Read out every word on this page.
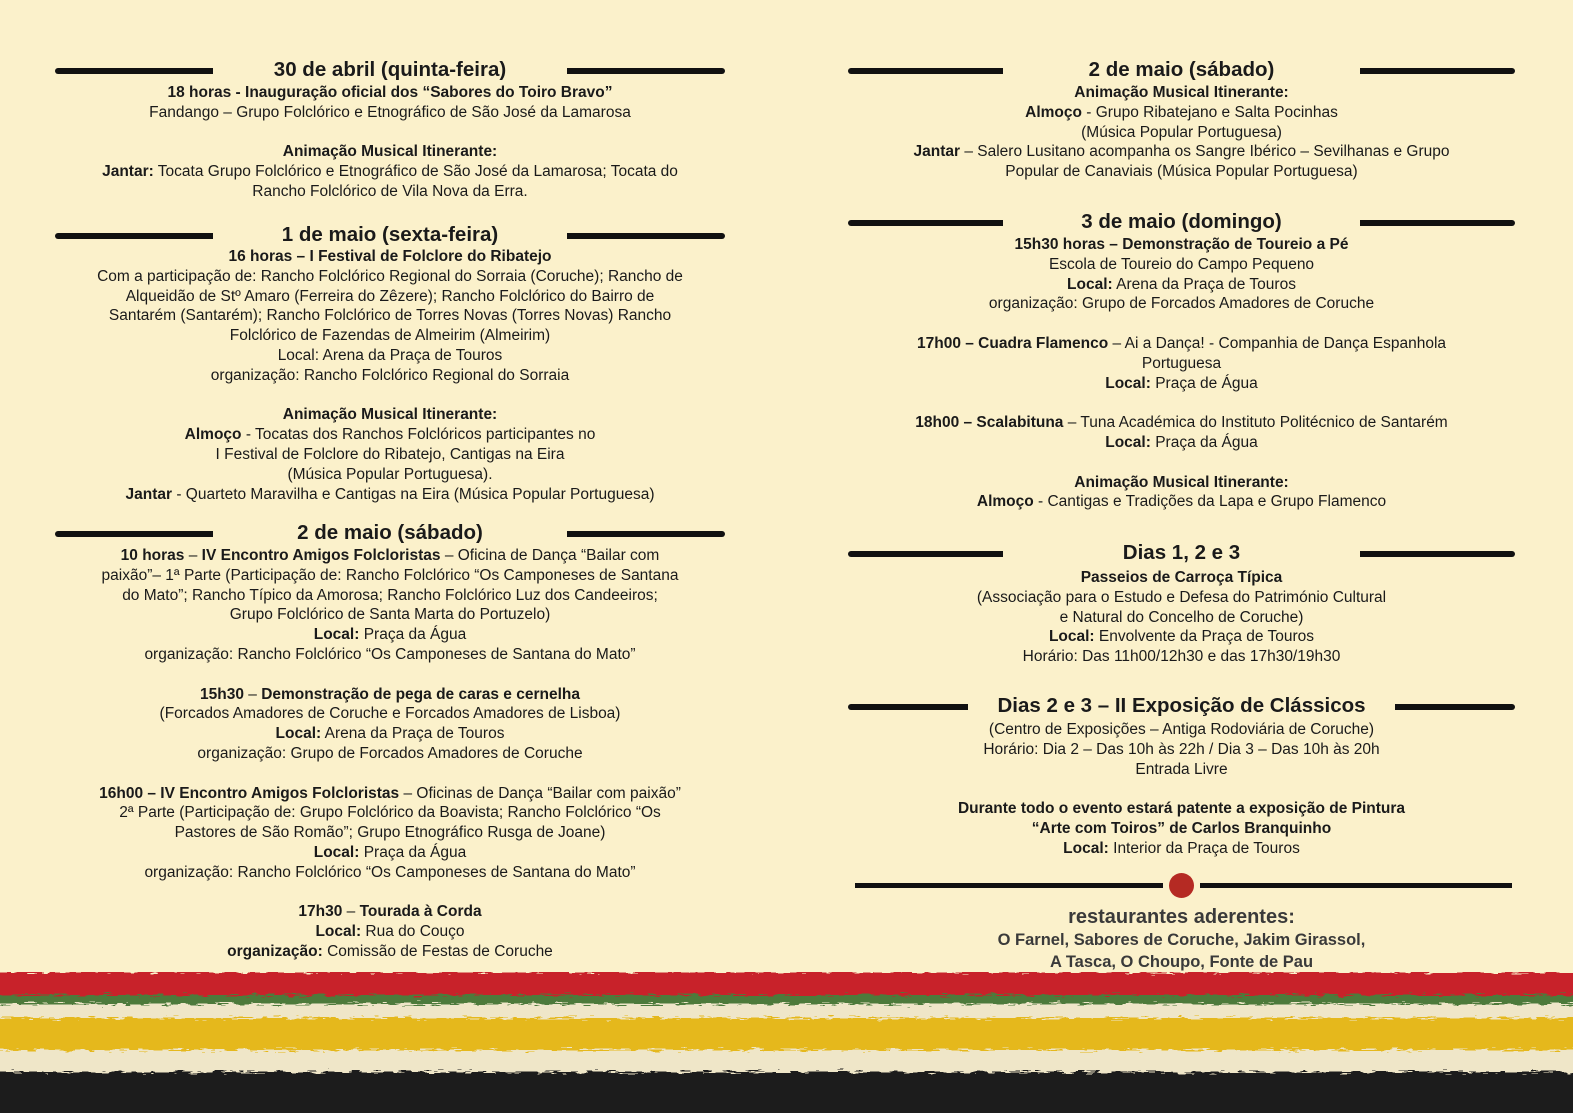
30 de abril (quinta-feira)

18 horas - Inauguração oficial dos “Sabores do Toiro Bravo”

Fandango – Grupo Folclórico e Etnográfico de São José da Lamarosa

Animação Musical Itinerante:

Jantar: Tocata Grupo Folclórico e Etnográfico de São José da Lamarosa; Tocata do

Rancho Folclórico de Vila Nova da Erra.

1 de maio (sexta-feira)

16 horas – I Festival de Folclore do Ribatejo

Com a participação de: Rancho Folclórico Regional do Sorraia (Coruche); Rancho de

Alqueidão de Stº Amaro (Ferreira do Zêzere); Rancho Folclórico do Bairro de

Santarém (Santarém); Rancho Folclórico de Torres Novas (Torres Novas) Rancho

Folclórico de Fazendas de Almeirim (Almeirim)

Local: Arena da Praça de Touros

organização: Rancho Folclórico Regional do Sorraia

Animação Musical Itinerante:

Almoço - Tocatas dos Ranchos Folclóricos participantes no

I Festival de Folclore do Ribatejo, Cantigas na Eira

(Música Popular Portuguesa).

Jantar - Quarteto Maravilha e Cantigas na Eira (Música Popular Portuguesa)

2 de maio (sábado)

10 horas – IV Encontro Amigos Folcloristas – Oficina de Dança “Bailar com

paixão”– 1ª Parte (Participação de: Rancho Folclórico “Os Camponeses de Santana

do Mato”; Rancho Típico da Amorosa; Rancho Folclórico Luz dos Candeeiros;

Grupo Folclórico de Santa Marta do Portuzelo)

Local: Praça da Água

organização: Rancho Folclórico “Os Camponeses de Santana do Mato”

15h30 – Demonstração de pega de caras e cernelha

(Forcados Amadores de Coruche e Forcados Amadores de Lisboa)

Local: Arena da Praça de Touros

organização: Grupo de Forcados Amadores de Coruche

16h00 – IV Encontro Amigos Folcloristas – Oficinas de Dança “Bailar com paixão”

2ª Parte (Participação de: Grupo Folclórico da Boavista; Rancho Folclórico “Os

Pastores de São Romão”; Grupo Etnográfico Rusga de Joane)

Local: Praça da Água

organização: Rancho Folclórico “Os Camponeses de Santana do Mato”

17h30 – Tourada à Corda

Local: Rua do Couço

organização: Comissão de Festas de Coruche

2 de maio (sábado)

Animação Musical Itinerante:

Almoço - Grupo Ribatejano e Salta Pocinhas

(Música Popular Portuguesa)

Jantar – Salero Lusitano acompanha os Sangre Ibérico – Sevilhanas e Grupo

Popular de Canaviais (Música Popular Portuguesa)

3 de maio (domingo)

15h30 horas – Demonstração de Toureio a Pé

Escola de Toureio do Campo Pequeno

Local: Arena da Praça de Touros

organização: Grupo de Forcados Amadores de Coruche

17h00 – Cuadra Flamenco – Ai a Dança! - Companhia de Dança Espanhola

Portuguesa

Local: Praça de Água

18h00 – Scalabituna – Tuna Académica do Instituto Politécnico de Santarém

Local: Praça da Água

Animação Musical Itinerante:

Almoço - Cantigas e Tradições da Lapa e Grupo Flamenco

Dias 1, 2 e 3

Passeios de Carroça Típica

(Associação para o Estudo e Defesa do Património Cultural

e Natural do Concelho de Coruche)

Local: Envolvente da Praça de Touros

Horário: Das 11h00/12h30 e das 17h30/19h30

Dias 2 e 3 – II Exposição de Clássicos

(Centro de Exposições – Antiga Rodoviária de Coruche)

Horário: Dia 2 – Das 10h às 22h / Dia 3 – Das 10h às 20h

Entrada Livre

Durante todo o evento estará patente a exposição de Pintura

“Arte com Toiros” de Carlos Branquinho

Local: Interior da Praça de Touros

restaurantes aderentes:

O Farnel, Sabores de Coruche, Jakim Girassol,

A Tasca, O Choupo, Fonte de Pau
